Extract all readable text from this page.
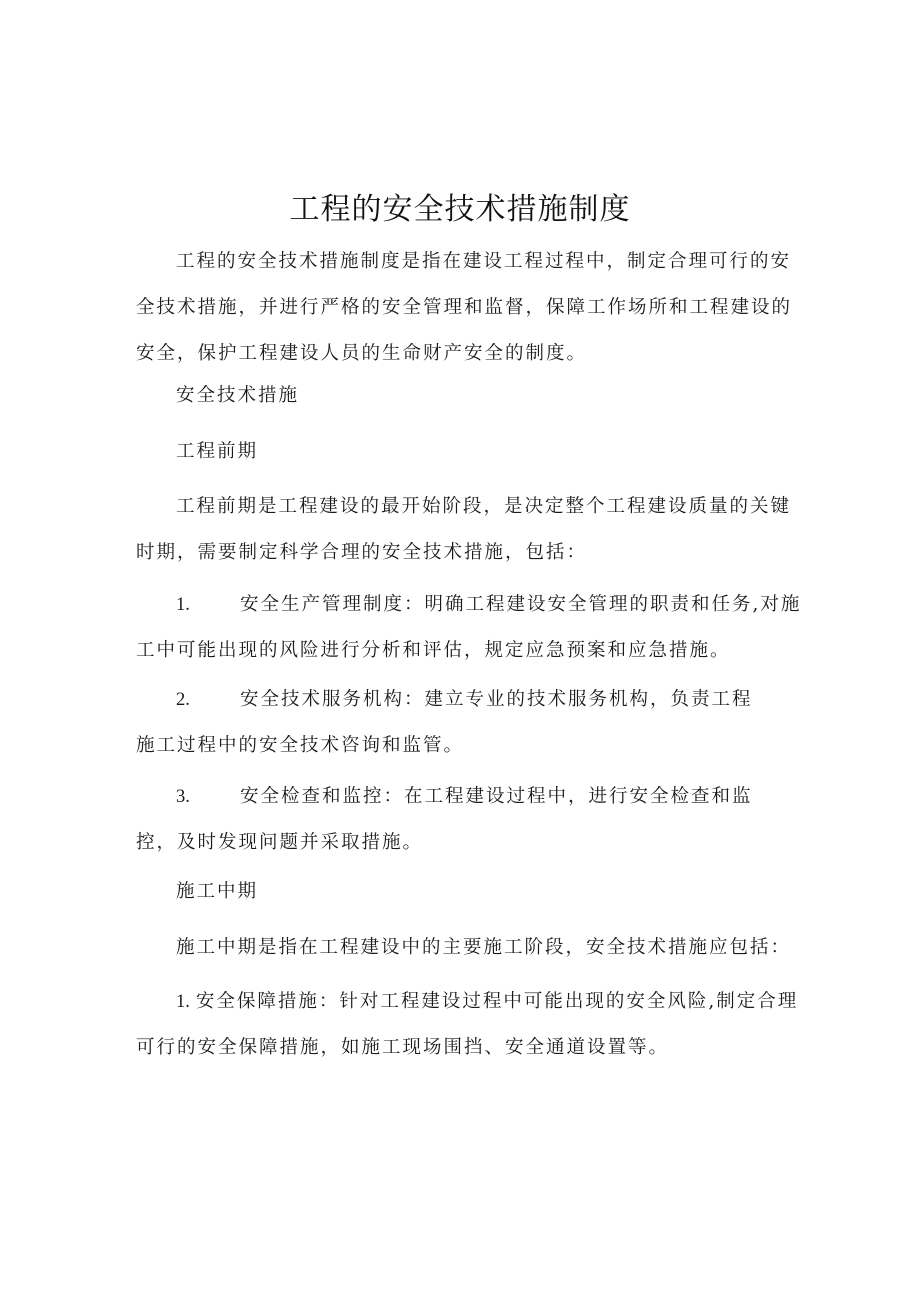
工程的安全技术措施制度

工程的安全技术措施制度是指在建设工程过程中，制定合理可行的安
全技术措施，并进行严格的安全管理和监督，保障工作场所和工程建设的
安全，保护工程建设人员的生命财产安全的制度。

安全技术措施

工程前期

工程前期是工程建设的最开始阶段，是决定整个工程建设质量的关键
时期，需要制定科学合理的安全技术措施，包括：

1.	安全生产管理制度：明确工程建设安全管理的职责和任务,对施
工中可能出现的风险进行分析和评估，规定应急预案和应急措施。

2.	安全技术服务机构：建立专业的技术服务机构，负责工程
施工过程中的安全技术咨询和监管。

3.	安全检查和监控：在工程建设过程中，进行安全检查和监
控，及时发现问题并采取措施。

施工中期

施工中期是指在工程建设中的主要施工阶段，安全技术措施应包括：

1. 安全保障措施：针对工程建设过程中可能出现的安全风险,制定合理
可行的安全保障措施，如施工现场围挡、安全通道设置等。
